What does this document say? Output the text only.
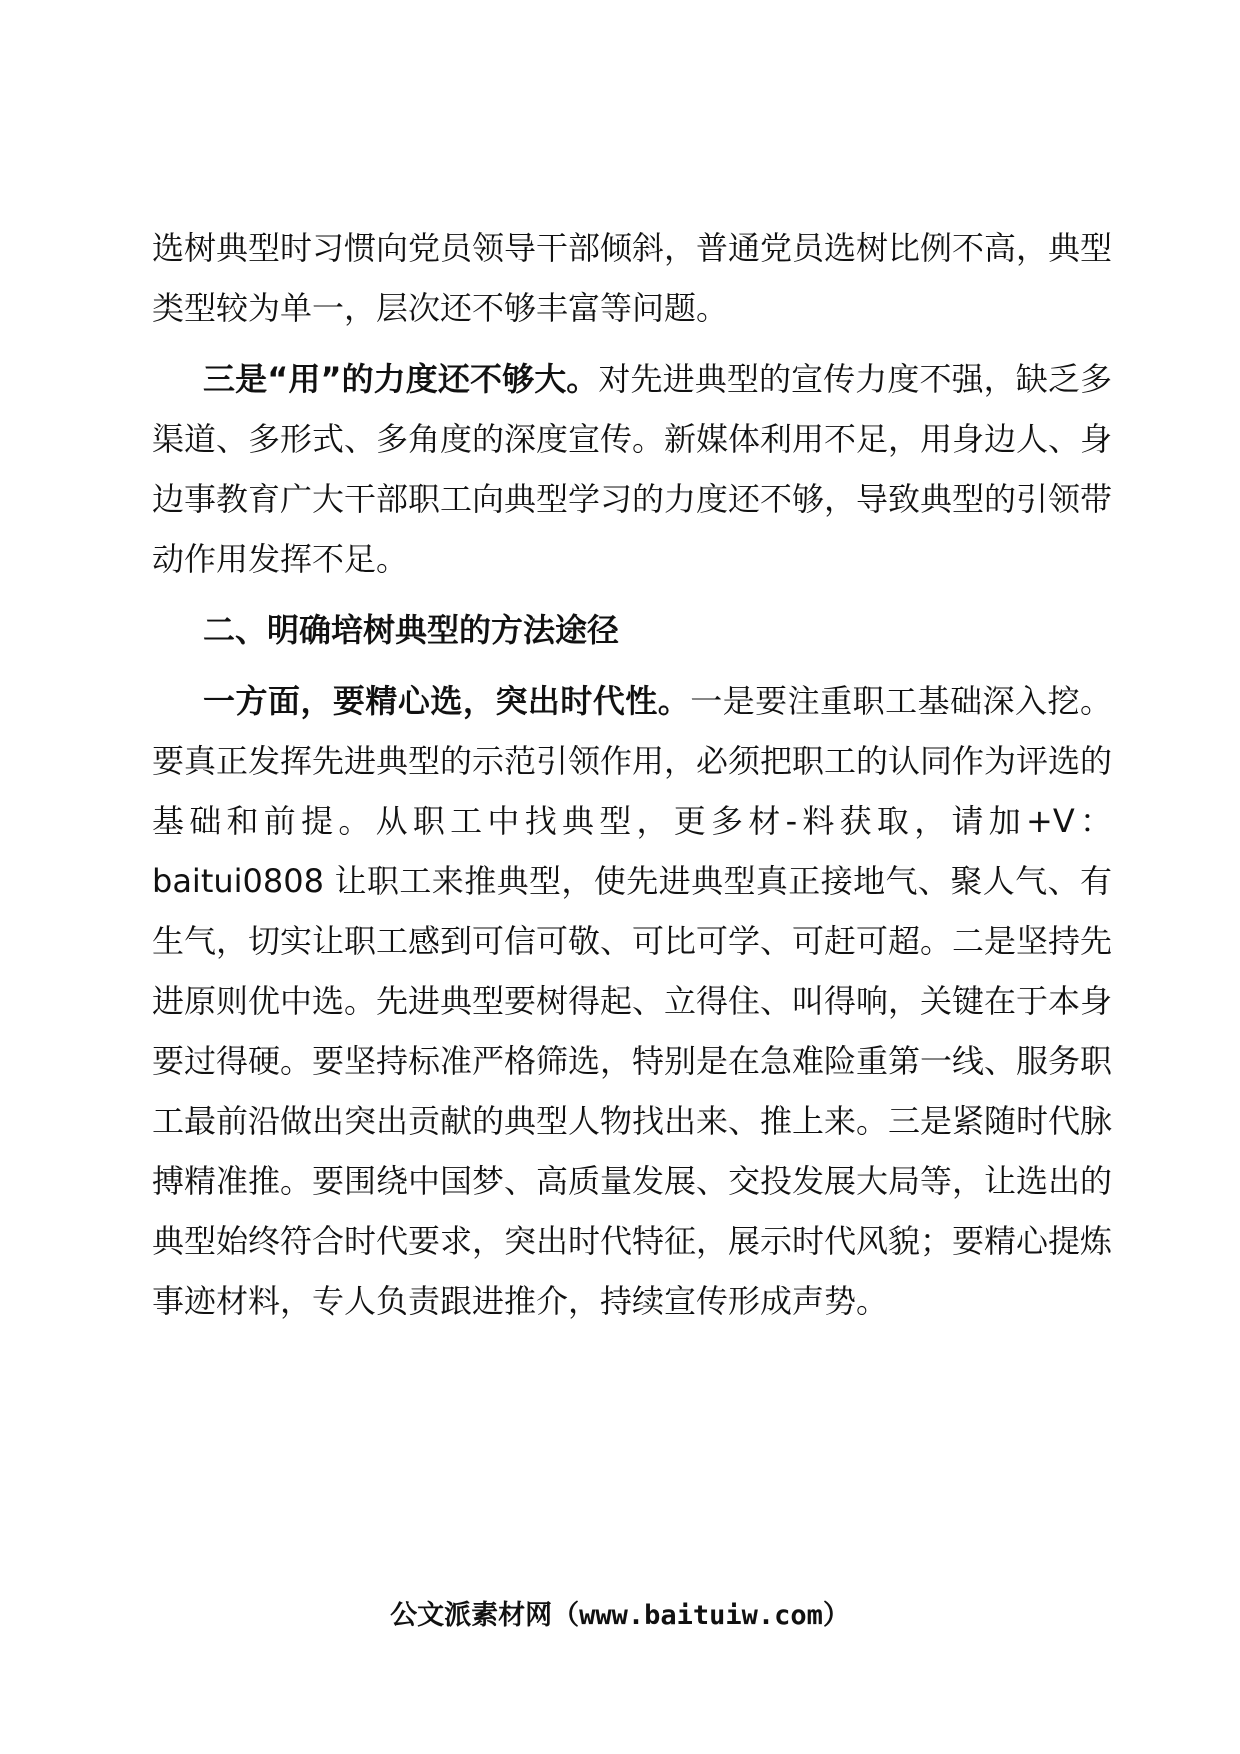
选树典型时习惯向党员领导干部倾斜，普通党员选树比例不高，典型类型较为单一，层次还不够丰富等问题。

三是“用”的力度还不够大。对先进典型的宣传力度不强，缺乏多渠道、多形式、多角度的深度宣传。新媒体利用不足，用身边人、身边事教育广大干部职工向典型学习的力度还不够，导致典型的引领带动作用发挥不足。

二、明确培树典型的方法途径

一方面，要精心选，突出时代性。一是要注重职工基础深入挖。要真正发挥先进典型的示范引领作用，必须把职工的认同作为评选的基础和前提。从职工中找典型，更多材-料获取，请加+V：baitui0808 让职工来推典型，使先进典型真正接地气、聚人气、有生气，切实让职工感到可信可敬、可比可学、可赶可超。二是坚持先进原则优中选。先进典型要树得起、立得住、叫得响，关键在于本身要过得硬。要坚持标准严格筛选，特别是在急难险重第一线、服务职工最前沿做出突出贡献的典型人物找出来、推上来。三是紧随时代脉搏精准推。要围绕中国梦、高质量发展、交投发展大局等，让选出的典型始终符合时代要求，突出时代特征，展示时代风貌；要精心提炼事迹材料，专人负责跟进推介，持续宣传形成声势。

公文派素材网（www.baituiw.com）
